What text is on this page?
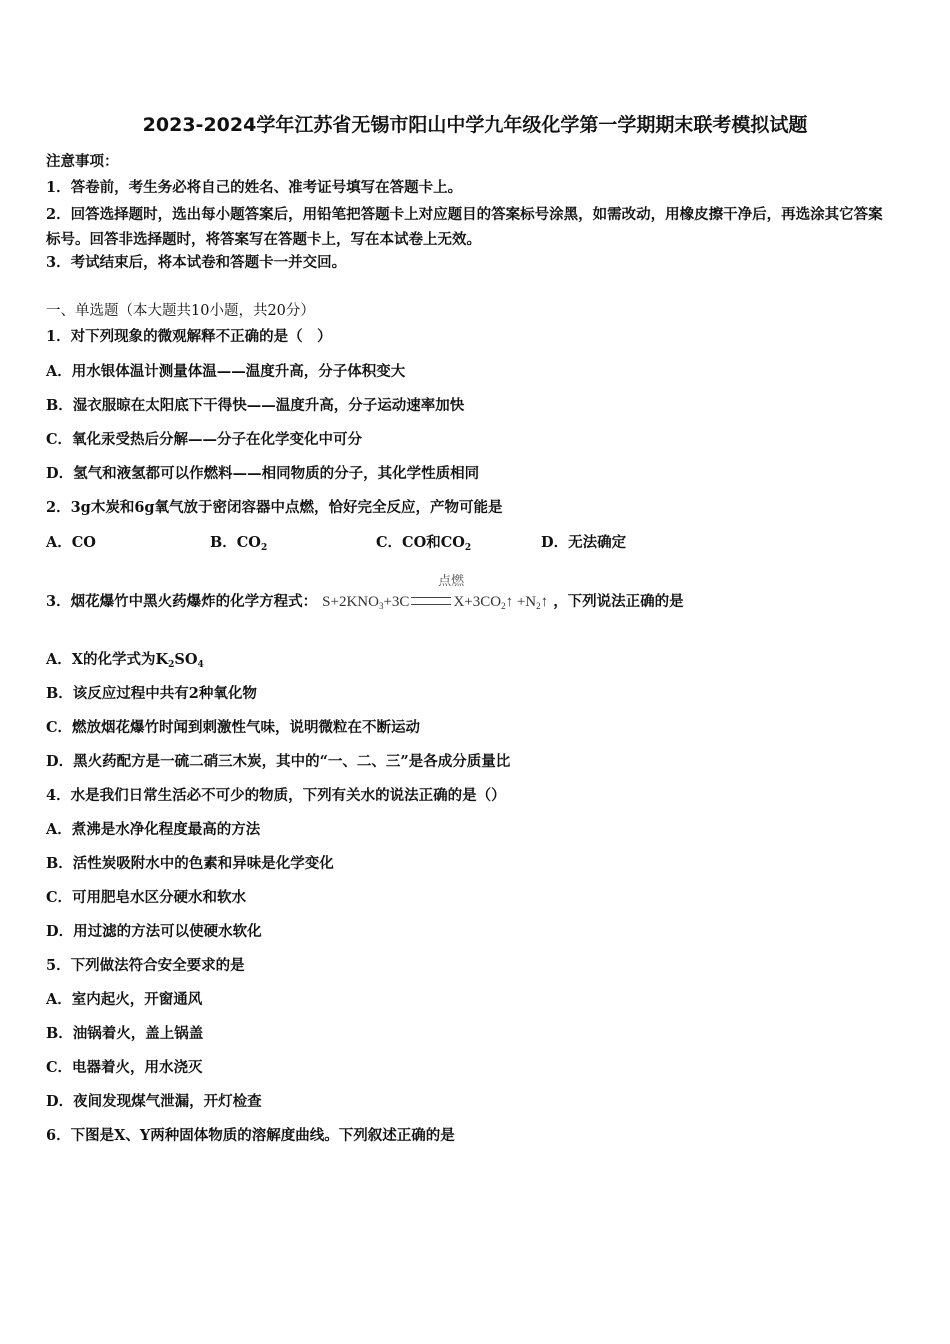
2023-2024学年江苏省无锡市阳山中学九年级化学第一学期期末联考模拟试题
注意事项：
1．答卷前，考生务必将自己的姓名、准考证号填写在答题卡上。
2．回答选择题时，选出每小题答案后，用铅笔把答题卡上对应题目的答案标号涂黑，如需改动，用橡皮擦干净后，再选涂其它答案标号。回答非选择题时，将答案写在答题卡上，写在本试卷上无效。
3．考试结束后，将本试卷和答题卡一并交回。
一、单选题（本大题共10小题，共20分）
1．对下列现象的微观解释不正确的是（　）
A．用水银体温计测量体温——温度升高，分子体积变大
B．湿衣服晾在太阳底下干得快——温度升高，分子运动速率加快
C．氧化汞受热后分解——分子在化学变化中可分
D．氢气和液氢都可以作燃料——相同物质的分子，其化学性质相同
2．3g木炭和6g氧气放于密闭容器中点燃，恰好完全反应，产物可能是
A．CO	B．$CO_2$	C．CO和$CO_2$	D．无法确定
3．烟花爆竹中黑火药爆炸的化学方程式：
点燃
$S+2KNO_3+3C$	$X+3CO_2↑$ $+N_2↑$ ，下列说法正确的是
A．X的化学式为$K_2SO_4$
B．该反应过程中共有2种氧化物
C．燃放烟花爆竹时闻到刺激性气味，说明微粒在不断运动
D．黑火药配方是一硫二硝三木炭，其中的“一、二、三”是各成分质量比
4．水是我们日常生活必不可少的物质，下列有关水的说法正确的是（）
A．煮沸是水净化程度最高的方法
B．活性炭吸附水中的色素和异味是化学变化
C．可用肥皂水区分硬水和软水
D．用过滤的方法可以使硬水软化
5．下列做法符合安全要求的是
A．室内起火，开窗通风
B．油锅着火，盖上锅盖
C．电器着火，用水浇灭
D．夜间发现煤气泄漏，开灯检查
6．下图是X、Y两种固体物质的溶解度曲线。下列叙述正确的是
